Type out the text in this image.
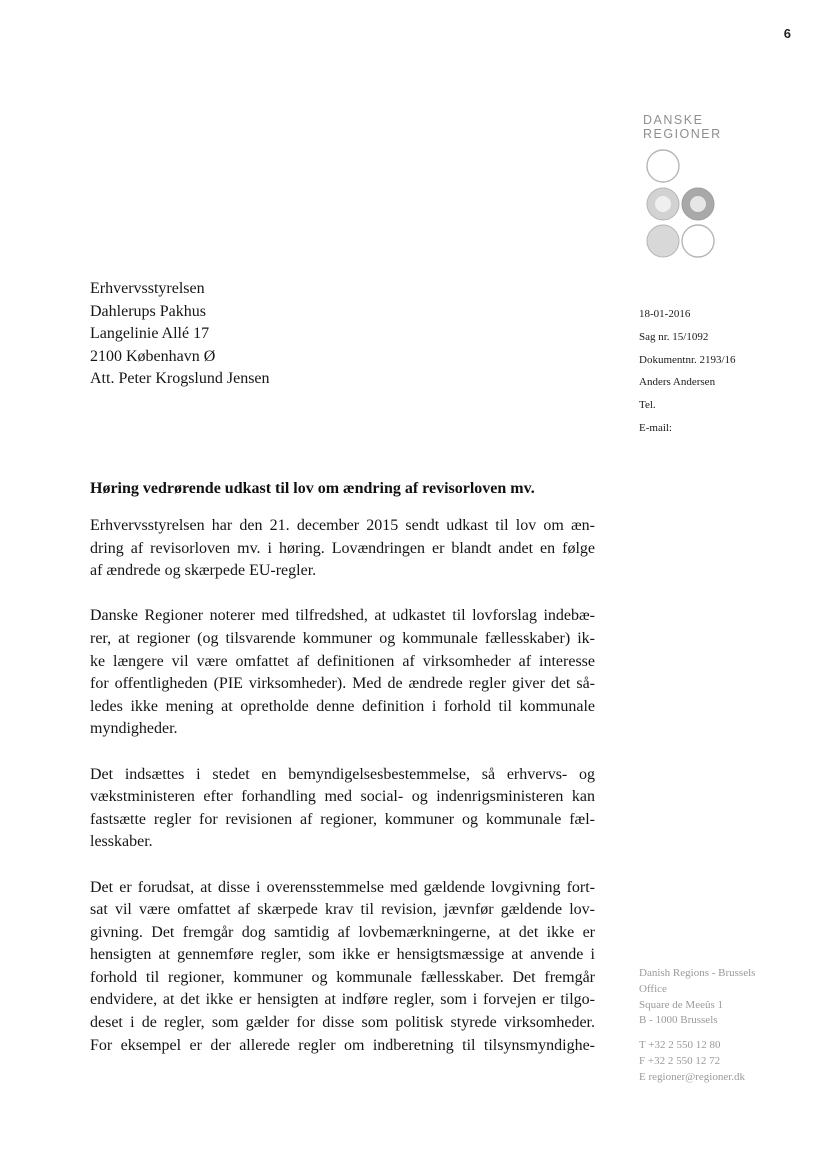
6
DANSKE
REGIONER
Erhvervsstyrelsen
Dahlerups Pakhus
Langelinie Allé 17
2100 København Ø
Att. Peter Krogslund Jensen
18-01-2016
Sag nr. 15/1092
Dokumentnr. 2193/16
Anders Andersen
Tel.
E-mail:
Høring vedrørende udkast til lov om ændring af revisorloven mv.

Erhvervsstyrelsen har den 21. december 2015 sendt udkast til lov om æn-
dring af revisorloven mv. i høring. Lovændringen er blandt andet en følge
af ændrede og skærpede EU-regler.

Danske Regioner noterer med tilfredshed, at udkastet til lovforslag indebæ-
rer, at regioner (og tilsvarende kommuner og kommunale fællesskaber) ik-
ke længere vil være omfattet af definitionen af virksomheder af interesse
for offentligheden (PIE virksomheder). Med de ændrede regler giver det så-
ledes ikke mening at opretholde denne definition i forhold til kommunale
myndigheder.

Det indsættes i stedet en bemyndigelsesbestemmelse, så erhvervs- og
vækstministeren efter forhandling med social- og indenrigsministeren kan
fastsætte regler for revisionen af regioner, kommuner og kommunale fæl-
lesskaber.

Det er forudsat, at disse i overensstemmelse med gældende lovgivning fort-
sat vil være omfattet af skærpede krav til revision, jævnfør gældende lov-
givning. Det fremgår dog samtidig af lovbemærkningerne, at det ikke er
hensigten at gennemføre regler, som ikke er hensigtsmæssige at anvende i
forhold til regioner, kommuner og kommunale fællesskaber. Det fremgår
endvidere, at det ikke er hensigten at indføre regler, som i forvejen er tilgo-
deset i de regler, som gælder for disse som politisk styrede virksomheder.
For eksempel er der allerede regler om indberetning til tilsynsmyndighe-

Danish Regions - Brussels
Office
Square de Meeûs 1
B - 1000 Brussels
T +32 2 550 12 80
F +32 2 550 12 72
E regioner@regioner.dk
